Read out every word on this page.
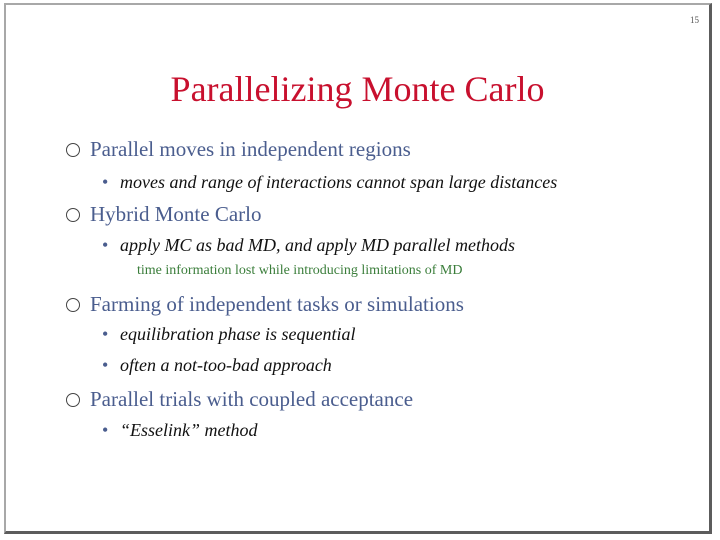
15
Parallelizing Monte Carlo
Parallel moves in independent regions
• moves and range of interactions cannot span large distances
Hybrid Monte Carlo
• apply MC as bad MD, and apply MD parallel methods
time information lost while introducing limitations of MD
Farming of independent tasks or simulations
• equilibration phase is sequential
• often a not-too-bad approach
Parallel trials with coupled acceptance
• “Esselink” method
